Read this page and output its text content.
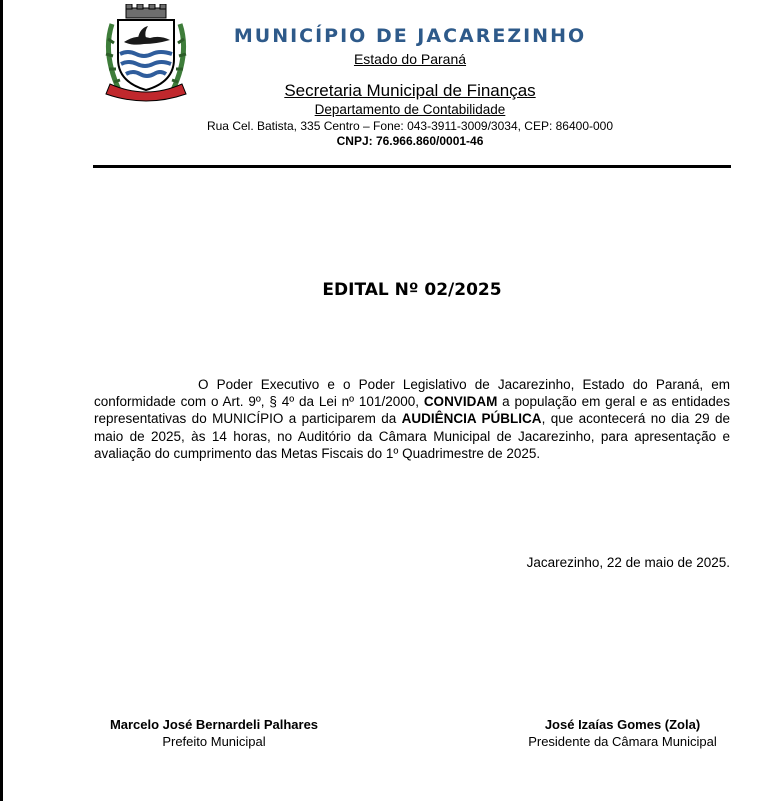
MUNICÍPIO DE JACAREZINHO
Estado do Paraná
Secretaria Municipal de Finanças
Departamento de Contabilidade
Rua Cel. Batista, 335 Centro – Fone: 043-3911-3009/3034, CEP: 86400-000
CNPJ: 76.966.860/0001-46
EDITAL Nº 02/2025

O Poder Executivo e o Poder Legislativo de Jacarezinho, Estado do Paraná, em conformidade com o Art. 9º, § 4º da Lei nº 101/2000, CONVIDAM a população em geral e as entidades representativas do MUNICÍPIO a participarem da AUDIÊNCIA PÚBLICA, que acontecerá no dia 29 de maio de 2025, às 14 horas, no Auditório da Câmara Municipal de Jacarezinho, para apresentação e avaliação do cumprimento das Metas Fiscais do 1º Quadrimestre de 2025.

Jacarezinho, 22 de maio de 2025.
Marcelo José Bernardeli Palhares
Prefeito Municipal
José Izaías Gomes (Zola)
Presidente da Câmara Municipal
